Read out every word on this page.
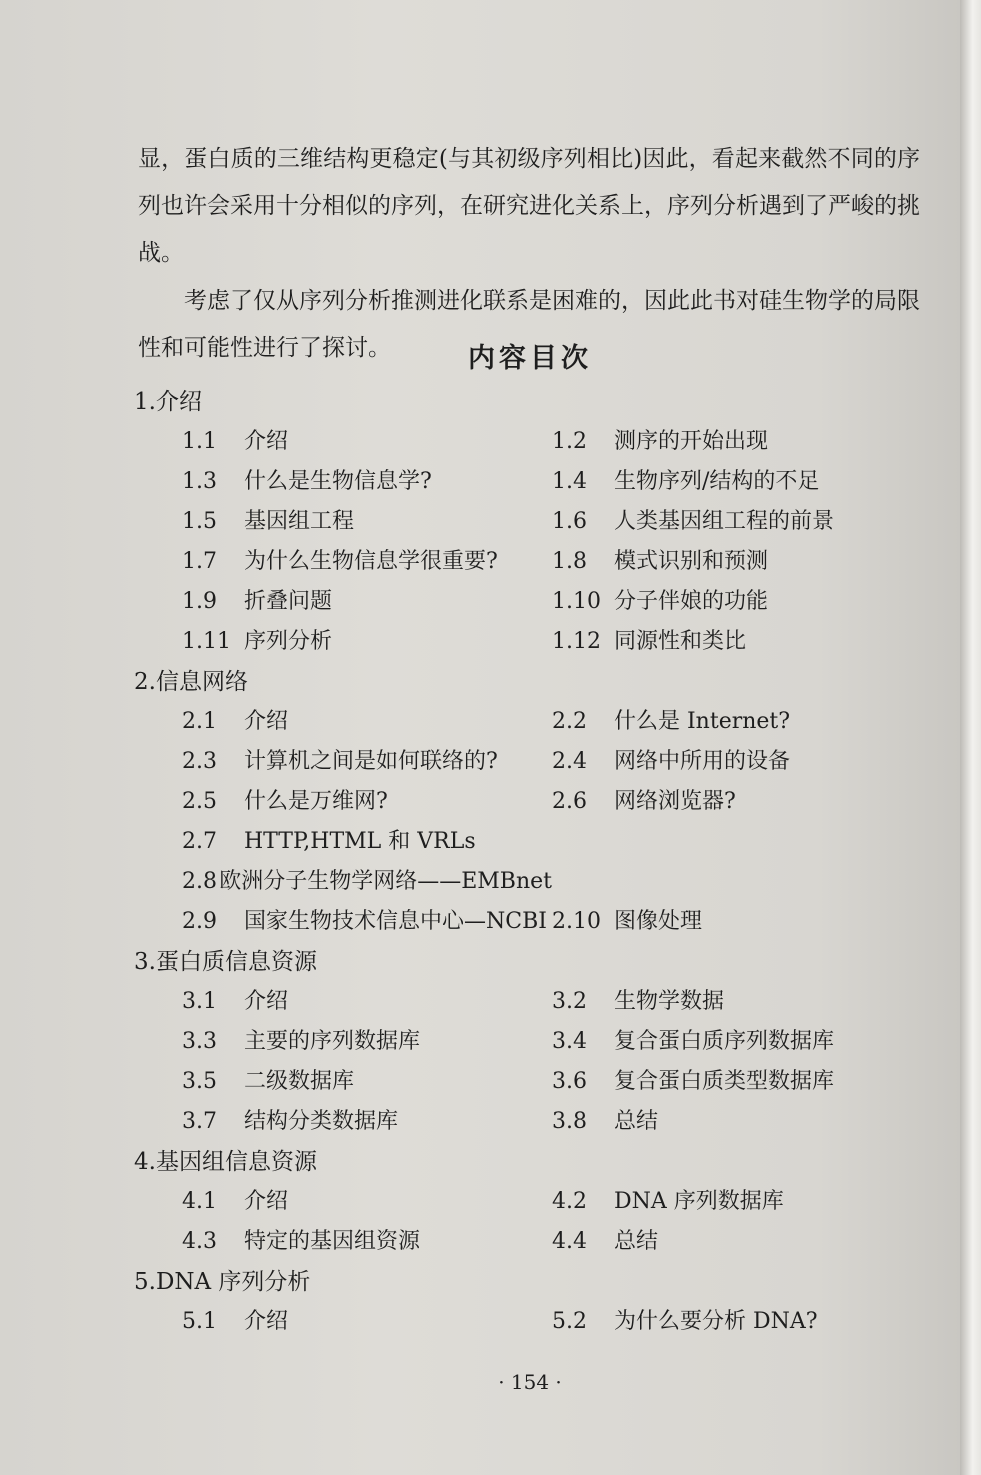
显，蛋白质的三维结构更稳定(与其初级序列相比)因此，看起来截然不同的序列也许会采用十分相似的序列，在研究进化关系上，序列分析遇到了严峻的挑战。

考虑了仅从序列分析推测进化联系是困难的，因此此书对硅生物学的局限性和可能性进行了探讨。	内容目次
1.介绍
1.1	介绍	1.2	测序的开始出现
1.3	什么是生物信息学?	1.4	生物序列/结构的不足
1.5	基因组工程	1.6	人类基因组工程的前景
1.7	为什么生物信息学很重要? 1.8	模式识别和预测
1.9	折叠问题	1.10 分子伴娘的功能
1.11 序列分析	1.12 同源性和类比
2.信息网络
2.1	介绍	2.2	什么是 Internet?
2.3	计算机之间是如何联络的? 2.4	网络中所用的设备
2.5	什么是万维网?	2.6	网络浏览器?
2.7	HTTP,HTML 和 VRLs
2.8 欧洲分子生物学网络——EMBnet
2.9	国家生物技术信息中心—NCBI 2.10 图像处理
3.蛋白质信息资源
3.1	介绍	3.2	生物学数据
3.3	主要的序列数据库	3.4	复合蛋白质序列数据库
3.5	二级数据库	3.6	复合蛋白质类型数据库
3.7	结构分类数据库	3.8	总结
4.基因组信息资源
4.1	介绍	4.2	DNA 序列数据库
4.3	特定的基因组资源	4.4	总结
5.DNA 序列分析
5.1	介绍	5.2	为什么要分析 DNA?
· 154 ·
